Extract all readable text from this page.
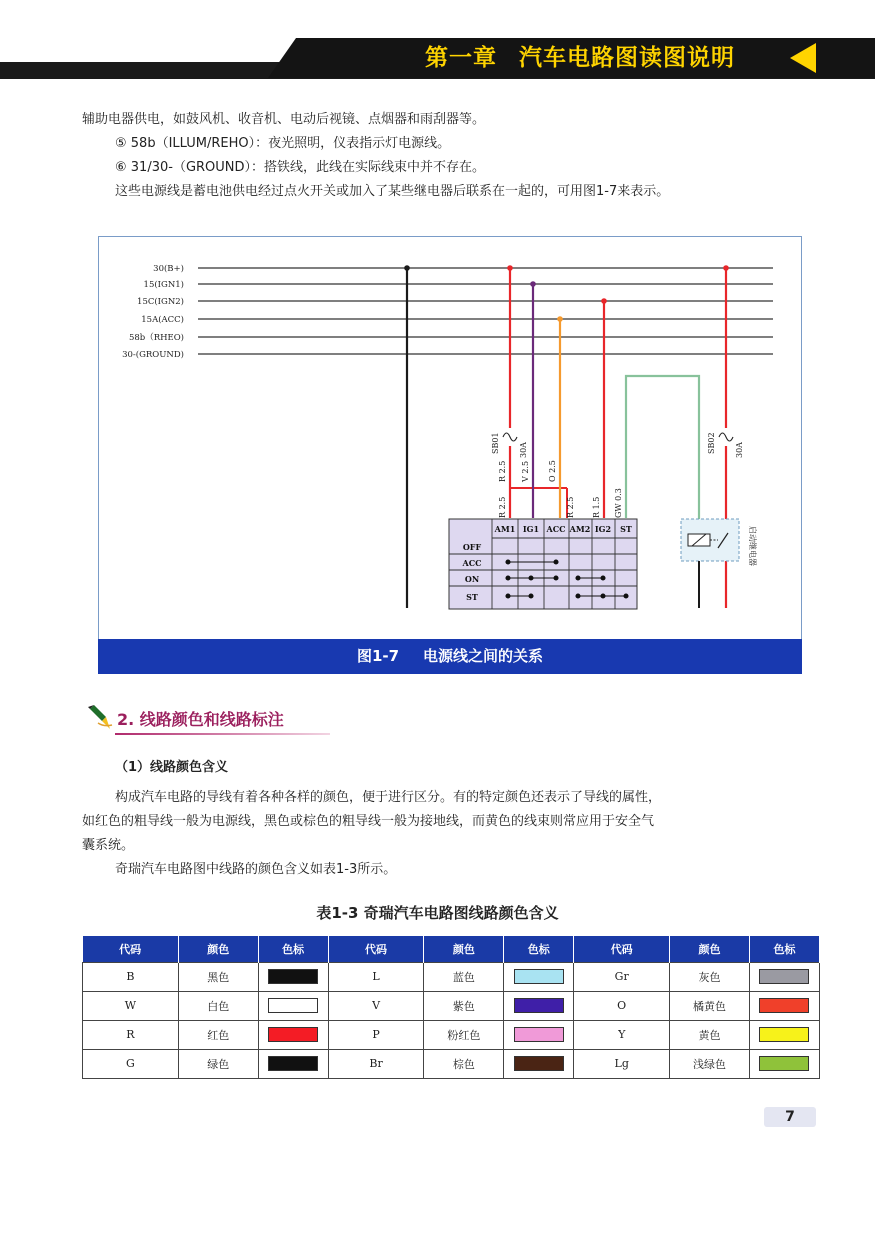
第一章 汽车电路图读图说明
辅助电器供电，如鼓风机、收音机、电动后视镜、点烟器和雨刮器等。
⑤ 58b（ILLUM/REHO）：夜光照明，仪表指示灯电源线。
⑥ 31/30-（GROUND）：搭铁线，此线在实际线束中并不存在。
这些电源线是蓄电池供电经过点火开关或加入了某些继电器后联系在一起的，可用图1-7来表示。
30(B+)
15(IGN1)
15C(IGN2)
15A(ACC)
58b（RHEO)
30-(GROUND)
SB01 30A	SB02 30A
R 2.5 V 2.5 O 2.5
R 2.5	R 2.5 R 1.5 GW 0.3
AM1 IG1 ACC AM2 IG2 ST
OFF
ACC
ON
ST
启动继电器
图1-7 电源线之间的关系
2. 线路颜色和线路标注
（1）线路颜色含义
构成汽车电路的导线有着各种各样的颜色，便于进行区分。有的特定颜色还表示了导线的属性，
如红色的粗导线一般为电源线，黑色或棕色的粗导线一般为接地线，而黄色的线束则常应用于安全气
囊系统。
奇瑞汽车电路图中线路的颜色含义如表1-3所示。
表1-3 奇瑞汽车电路图线路颜色含义
代码	颜色	色标	代码	颜色	色标	代码	颜色	色标
B	黑色		L	蓝色		Gr	灰色	
W	白色		V	紫色		O	橘黄色	
R	红色		P	粉红色		Y	黄色	
G	绿色		Br	棕色		Lg	浅绿色	
7
